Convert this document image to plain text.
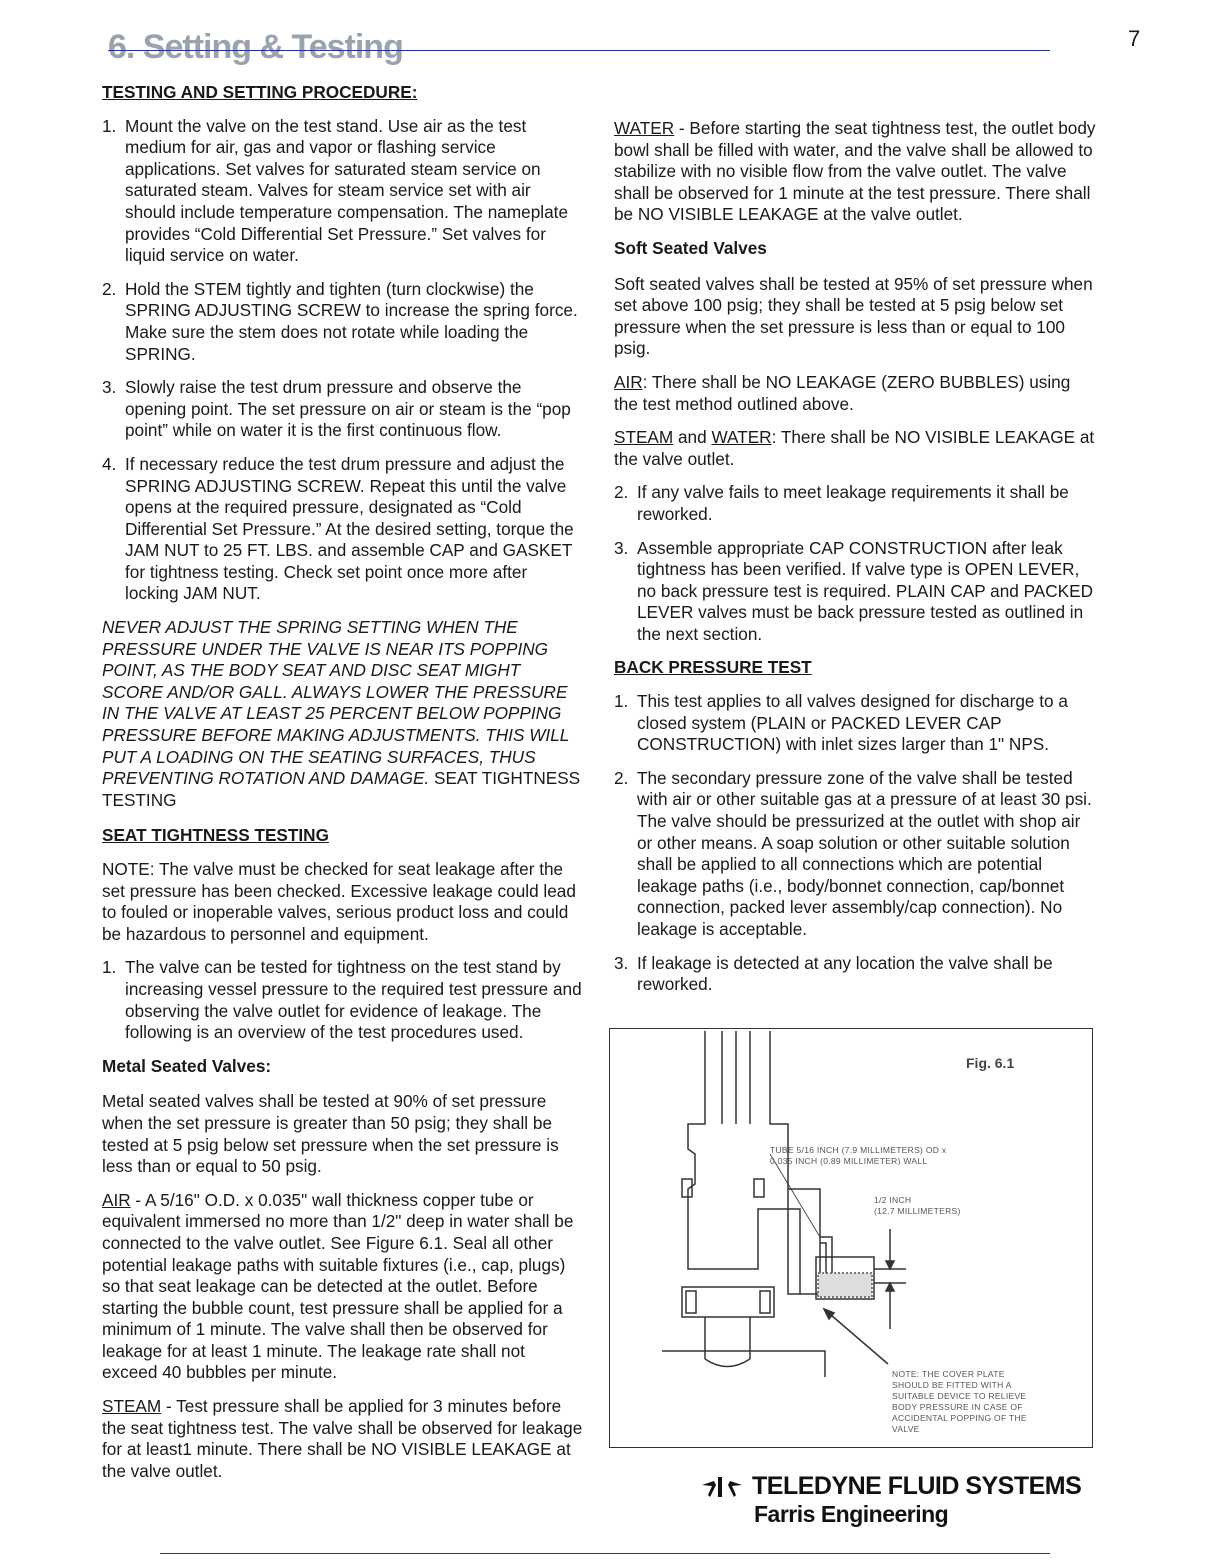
7
6. Setting & Testing
TESTING AND SETTING PROCEDURE:
1. Mount the valve on the test stand. Use air as the test medium for air, gas and vapor or flashing service applications. Set valves for saturated steam service on saturated steam. Valves for steam service set with air should include temperature compensation. The nameplate provides “Cold Differential Set Pressure.” Set valves for liquid service on water.
2. Hold the STEM tightly and tighten (turn clockwise) the SPRING ADJUSTING SCREW to increase the spring force. Make sure the stem does not rotate while loading the SPRING.
3. Slowly raise the test drum pressure and observe the opening point. The set pressure on air or steam is the “pop point” while on water it is the first continuous flow.
4. If necessary reduce the test drum pressure and adjust the SPRING ADJUSTING SCREW. Repeat this until the valve opens at the required pressure, designated as “Cold Differential Set Pressure.” At the desired setting, torque the JAM NUT to 25 FT. LBS. and assemble CAP and GASKET for tightness testing. Check set point once more after locking JAM NUT.
NEVER ADJUST THE SPRING SETTING WHEN THE PRESSURE UNDER THE VALVE IS NEAR ITS POPPING POINT, AS THE BODY SEAT AND DISC SEAT MIGHT SCORE AND/OR GALL. ALWAYS LOWER THE PRESSURE IN THE VALVE AT LEAST 25 PERCENT BELOW POPPING PRESSURE BEFORE MAKING ADJUSTMENTS. THIS WILL PUT A LOADING ON THE SEATING SURFACES, THUS PREVENTING ROTATION AND DAMAGE. SEAT TIGHTNESS TESTING
SEAT TIGHTNESS TESTING
NOTE: The valve must be checked for seat leakage after the set pressure has been checked. Excessive leakage could lead to fouled or inoperable valves, serious product loss and could be hazardous to personnel and equipment.
1. The valve can be tested for tightness on the test stand by increasing vessel pressure to the required test pressure and observing the valve outlet for evidence of leakage. The following is an overview of the test procedures used.
Metal Seated Valves:
Metal seated valves shall be tested at 90% of set pressure when the set pressure is greater than 50 psig; they shall be tested at 5 psig below set pressure when the set pressure is less than or equal to 50 psig.
AIR - A 5/16" O.D. x 0.035" wall thickness copper tube or equivalent immersed no more than 1/2" deep in water shall be connected to the valve outlet. See Figure 6.1. Seal all other potential leakage paths with suitable fixtures (i.e., cap, plugs) so that seat leakage can be detected at the outlet. Before starting the bubble count, test pressure shall be applied for a minimum of 1 minute. The valve shall then be observed for leakage for at least 1 minute. The leakage rate shall not exceed 40 bubbles per minute.
STEAM - Test pressure shall be applied for 3 minutes before the seat tightness test. The valve shall be observed for leakage for at least1 minute. There shall be NO VISIBLE LEAKAGE at the valve outlet.
WATER - Before starting the seat tightness test, the outlet body bowl shall be filled with water, and the valve shall be allowed to stabilize with no visible flow from the valve outlet. The valve shall be observed for 1 minute at the test pressure. There shall be NO VISIBLE LEAKAGE at the valve outlet.
Soft Seated Valves
Soft seated valves shall be tested at 95% of set pressure when set above 100 psig; they shall be tested at 5 psig below set pressure when the set pressure is less than or equal to 100 psig.
AIR: There shall be NO LEAKAGE (ZERO BUBBLES) using the test method outlined above.
STEAM and WATER: There shall be NO VISIBLE LEAKAGE at the valve outlet.
2. If any valve fails to meet leakage requirements it shall be reworked.
3. Assemble appropriate CAP CONSTRUCTION after leak tightness has been verified. If valve type is OPEN LEVER, no back pressure test is required. PLAIN CAP and PACKED LEVER valves must be back pressure tested as outlined in the next section.
BACK PRESSURE TEST
1. This test applies to all valves designed for discharge to a closed system (PLAIN or PACKED LEVER CAP CONSTRUCTION) with inlet sizes larger than 1" NPS.
2. The secondary pressure zone of the valve shall be tested with air or other suitable gas at a pressure of at least 30 psi. The valve should be pressurized at the outlet with shop air or other means. A soap solution or other suitable solution shall be applied to all connections which are potential leakage paths (i.e., body/bonnet connection, cap/bonnet connection, packed lever assembly/cap connection). No leakage is acceptable.
3. If leakage is detected at any location the valve shall be reworked.
Fig. 6.1
TUBE 5/16 INCH (7.9 MILLIMETERS) OD x
0.035 INCH (0.89 MILLIMETER) WALL
1/2 INCH
(12.7 MILLIMETERS)
NOTE: THE COVER PLATE
SHOULD BE FITTED WITH A
SUITABLE DEVICE TO RELIEVE
BODY PRESSURE IN CASE OF
ACCIDENTAL POPPING OF THE
VALVE
TELEDYNE FLUID SYSTEMS
Farris Engineering
